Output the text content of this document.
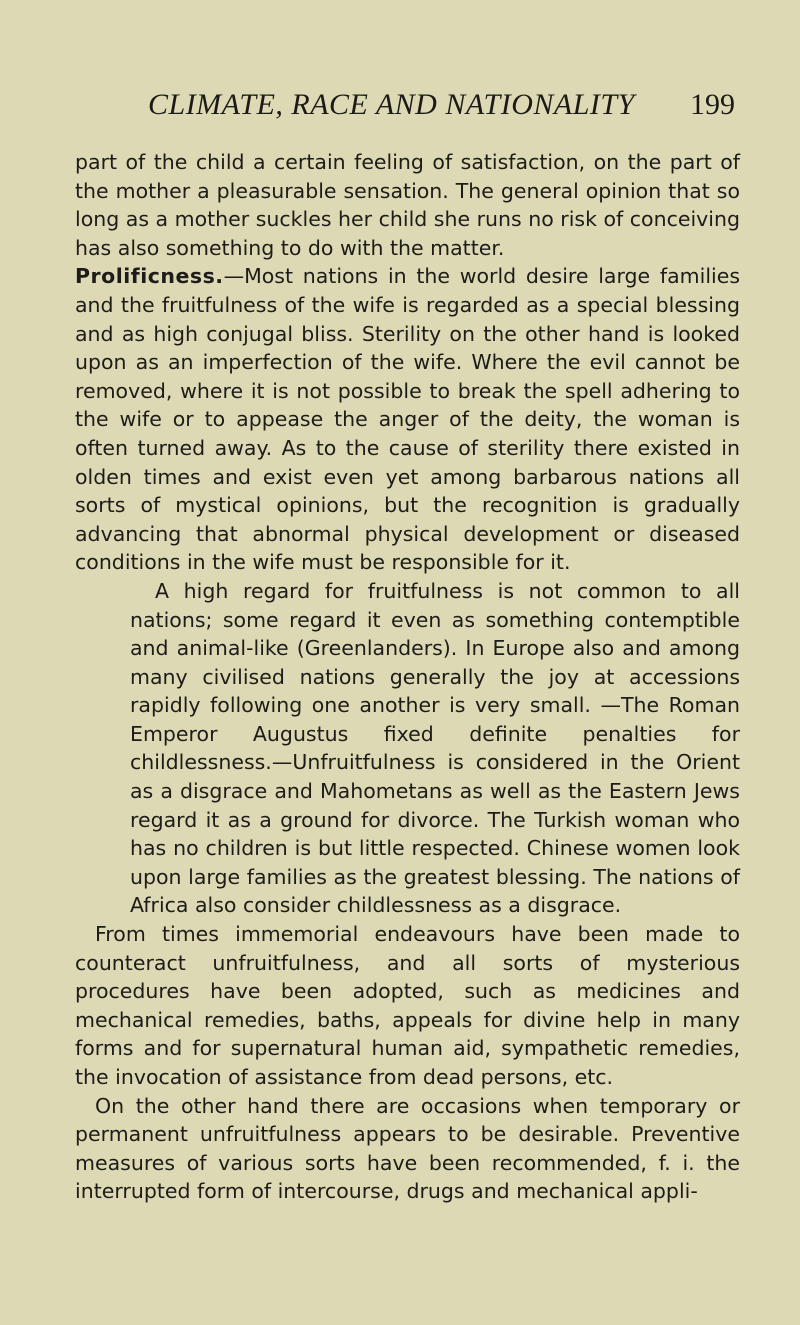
CLIMATE, RACE AND NATIONALITY 199

part of the child a certain feeling of satisfaction, on the part of the mother a pleasurable sensation. The general opinion that so long as a mother suckles her child she runs no risk of conceiving has also something to do with the matter.

Prolificness.—Most nations in the world desire large families and the fruitfulness of the wife is regarded as a special blessing and as high conjugal bliss. Sterility on the other hand is looked upon as an imperfection of the wife. Where the evil cannot be removed, where it is not possible to break the spell adhering to the wife or to appease the anger of the deity, the woman is often turned away. As to the cause of sterility there existed in olden times and exist even yet among barbarous nations all sorts of mystical opinions, but the recognition is gradually advancing that abnormal physical development or diseased conditions in the wife must be responsible for it.

A high regard for fruitfulness is not common to all nations; some regard it even as something contemptible and animal-like (Greenlanders). In Europe also and among many civilised nations generally the joy at accessions rapidly following one another is very small. —The Roman Emperor Augustus fixed definite penalties for childlessness.—Unfruitfulness is considered in the Orient as a disgrace and Mahometans as well as the Eastern Jews regard it as a ground for divorce. The Turkish woman who has no children is but little respected. Chinese women look upon large families as the greatest blessing. The nations of Africa also consider childlessness as a disgrace.

From times immemorial endeavours have been made to counteract unfruitfulness, and all sorts of mysterious procedures have been adopted, such as medicines and mechanical remedies, baths, appeals for divine help in many forms and for supernatural human aid, sympathetic remedies, the invocation of assistance from dead persons, etc.

On the other hand there are occasions when temporary or permanent unfruitfulness appears to be desirable. Preventive measures of various sorts have been recommended, f. i. the interrupted form of intercourse, drugs and mechanical appli-
